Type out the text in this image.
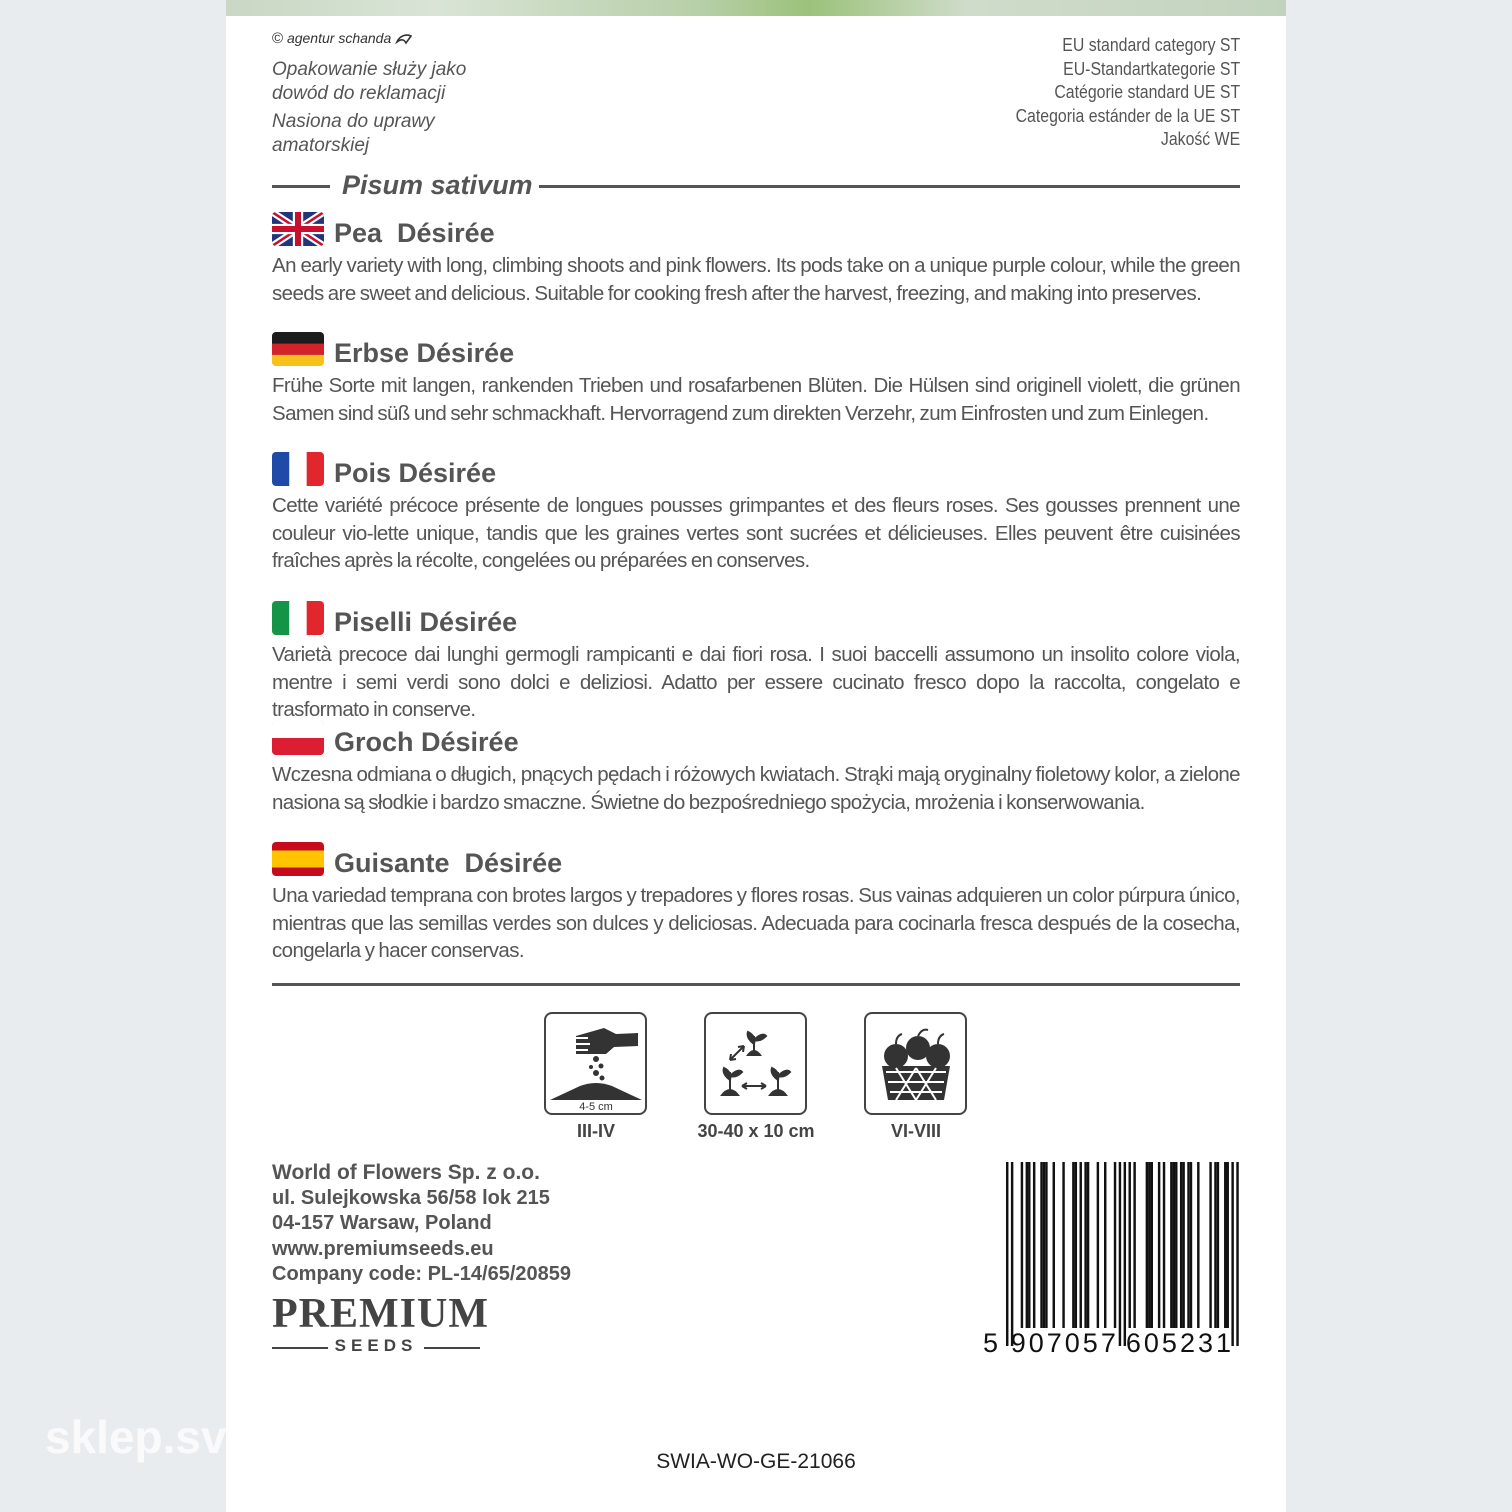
sklep.sv
© agentur schanda
Opakowanie służy jako
dowód do reklamacji
Nasiona do uprawy
amatorskiej
EU standard category ST
EU-Standartkategorie ST
Catégorie standard UE ST
Categoria estánder de la UE ST
Jakość WE
Pisum sativum
Pea  Désirée
An early variety with long, climbing shoots and pink flowers. Its pods take on a unique purple colour, while the green seeds are sweet and delicious. Suitable for cooking fresh after the harvest, freezing, and making into preserves.
Erbse Désirée
Frühe Sorte mit langen, rankenden Trieben und rosafarbenen Blüten. Die Hülsen sind originell violett, die grünen Samen sind süß und sehr schmackhaft. Hervorragend zum direkten Verzehr, zum Einfrosten und zum Einlegen.
Pois Désirée
Cette variété précoce présente de longues pousses grimpantes et des fleurs roses. Ses gousses prennent une couleur vio-lette unique, tandis que les graines vertes sont sucrées et délicieuses. Elles peuvent être cuisinées fraîches après la récolte, congelées ou préparées en conserves.
Piselli Désirée
Varietà precoce dai lunghi germogli rampicanti e dai fiori rosa. I suoi baccelli assumono un insolito colore viola, mentre i semi verdi sono dolci e deliziosi. Adatto per essere cucinato fresco dopo la raccolta, congelato e trasformato in conserve.
Groch Désirée
Wczesna odmiana o długich, pnących pędach i różowych kwiatach. Strąki mają oryginalny fioletowy kolor, a zielone nasiona są słodkie i bardzo smaczne. Świetne do bezpośredniego spożycia, mrożenia i konserwowania.
Guisante  Désirée
Una variedad temprana con brotes largos y trepadores y flores rosas. Sus vainas adquieren un color púrpura único, mientras que las semillas verdes son dulces y deliciosas. Adecuada para cocinarla fresca después de la cosecha, congelarla y hacer conservas.
4-5 cm
III-IV	30-40 x 10 cm	VI-VIII
World of Flowers Sp. z o.o.
ul. Sulejkowska 56/58 lok 215
04-157 Warsaw, Poland
www.premiumseeds.eu
Company code: PL-14/65/20859
PREMIUM
SEEDS	5 907057 605231
SWIA-WO-GE-21066
